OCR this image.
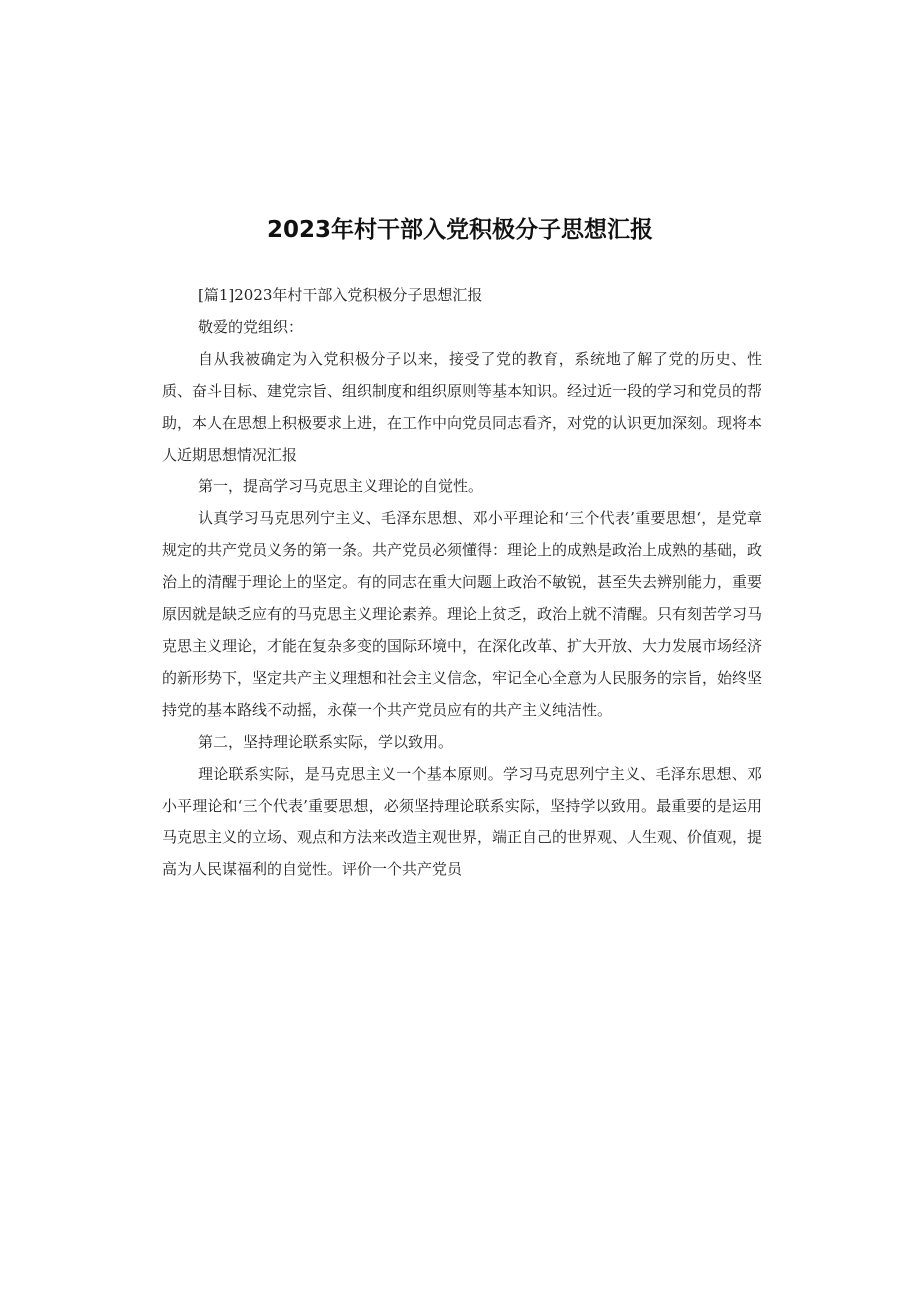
2023年村干部入党积极分子思想汇报

[篇1]2023年村干部入党积极分子思想汇报

敬爱的党组织：

自从我被确定为入党积极分子以来，接受了党的教育，系统地了解了党的历史、性质、奋斗目标、建党宗旨、组织制度和组织原则等基本知识。经过近一段的学习和党员的帮助，本人在思想上积极要求上进，在工作中向党员同志看齐，对党的认识更加深刻。现将本人近期思想情况汇报

第一，提高学习马克思主义理论的自觉性。

认真学习马克思列宁主义、毛泽东思想、邓小平理论和‘三个代表’重要思想‘，是党章规定的共产党员义务的第一条。共产党员必须懂得：理论上的成熟是政治上成熟的基础，政治上的清醒于理论上的坚定。有的同志在重大问题上政治不敏锐，甚至失去辨别能力，重要原因就是缺乏应有的马克思主义理论素养。理论上贫乏，政治上就不清醒。只有刻苦学习马克思主义理论，才能在复杂多变的国际环境中，在深化改革、扩大开放、大力发展市场经济的新形势下，坚定共产主义理想和社会主义信念，牢记全心全意为人民服务的宗旨，始终坚持党的基本路线不动摇，永葆一个共产党员应有的共产主义纯洁性。

第二，坚持理论联系实际，学以致用。

理论联系实际，是马克思主义一个基本原则。学习马克思列宁主义、毛泽东思想、邓小平理论和‘三个代表’重要思想，必须坚持理论联系实际，坚持学以致用。最重要的是运用马克思主义的立场、观点和方法来改造主观世界，端正自己的世界观、人生观、价值观，提高为人民谋福利的自觉性。评价一个共产党员
